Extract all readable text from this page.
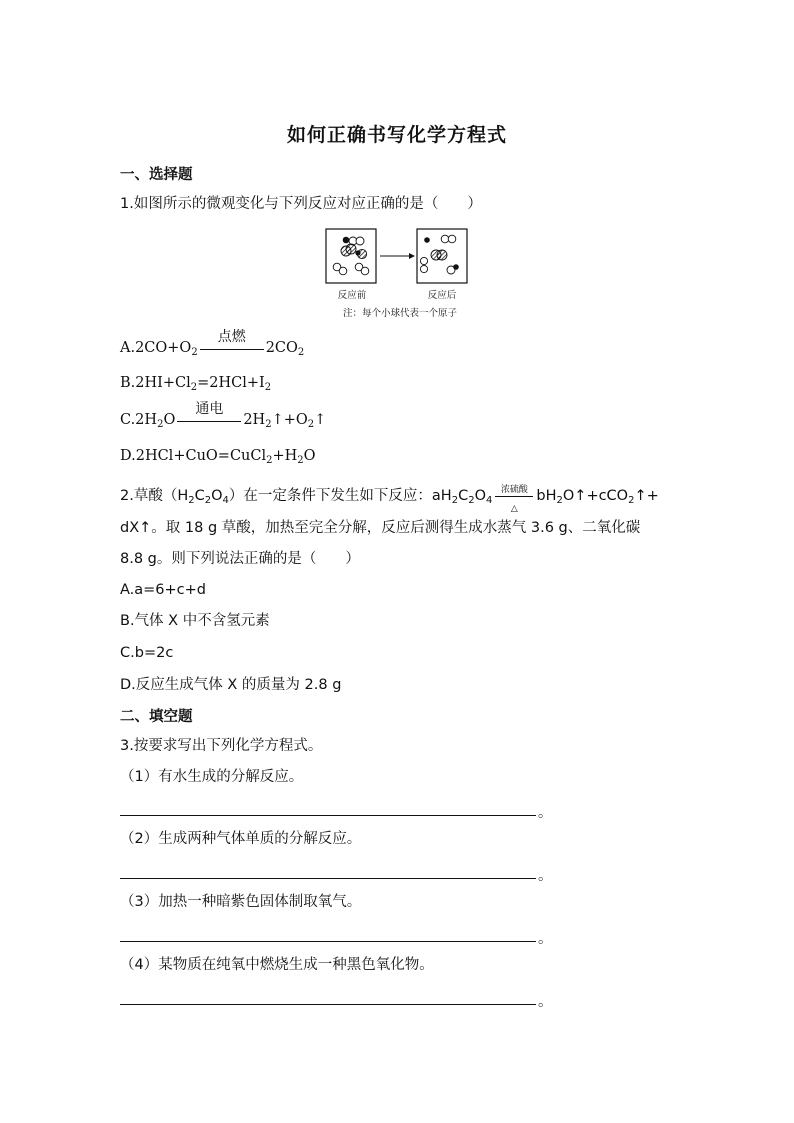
如何正确书写化学方程式
一、选择题
1.如图所示的微观变化与下列反应对应正确的是（　　）
反应前	反应后
注：每个小球代表一个原子
$A.2CO+O_2$
点燃
$2CO_2$
$B.2HI+Cl_2=2HCl+I_2$
$C.2H_2O$
通电
$2H_2↑+O_2↑$
$D.2HCl+CuO=CuCl_2+H_2O$
2.草酸$(H_2C_2O_4)$在一定条件下发生如下反应：$aH_2C_2O_4$
浓硫酸
△
$bH_2O↑+cCO_2↑+$
dX↑。取 18 g 草酸，加热至完全分解，反应后测得生成水蒸气 3.6 g、二氧化碳
8.8 g。则下列说法正确的是（　　）
A.a=6+c+d
B.气体 X 中不含氢元素
C.b=2c
D.反应生成气体 X 的质量为 2.8 g
二、填空题
3.按要求写出下列化学方程式。
（1）有水生成的分解反应。
。
（2）生成两种气体单质的分解反应。
。
（3）加热一种暗紫色固体制取氧气。
。
（4）某物质在纯氧中燃烧生成一种黑色氧化物。
。
